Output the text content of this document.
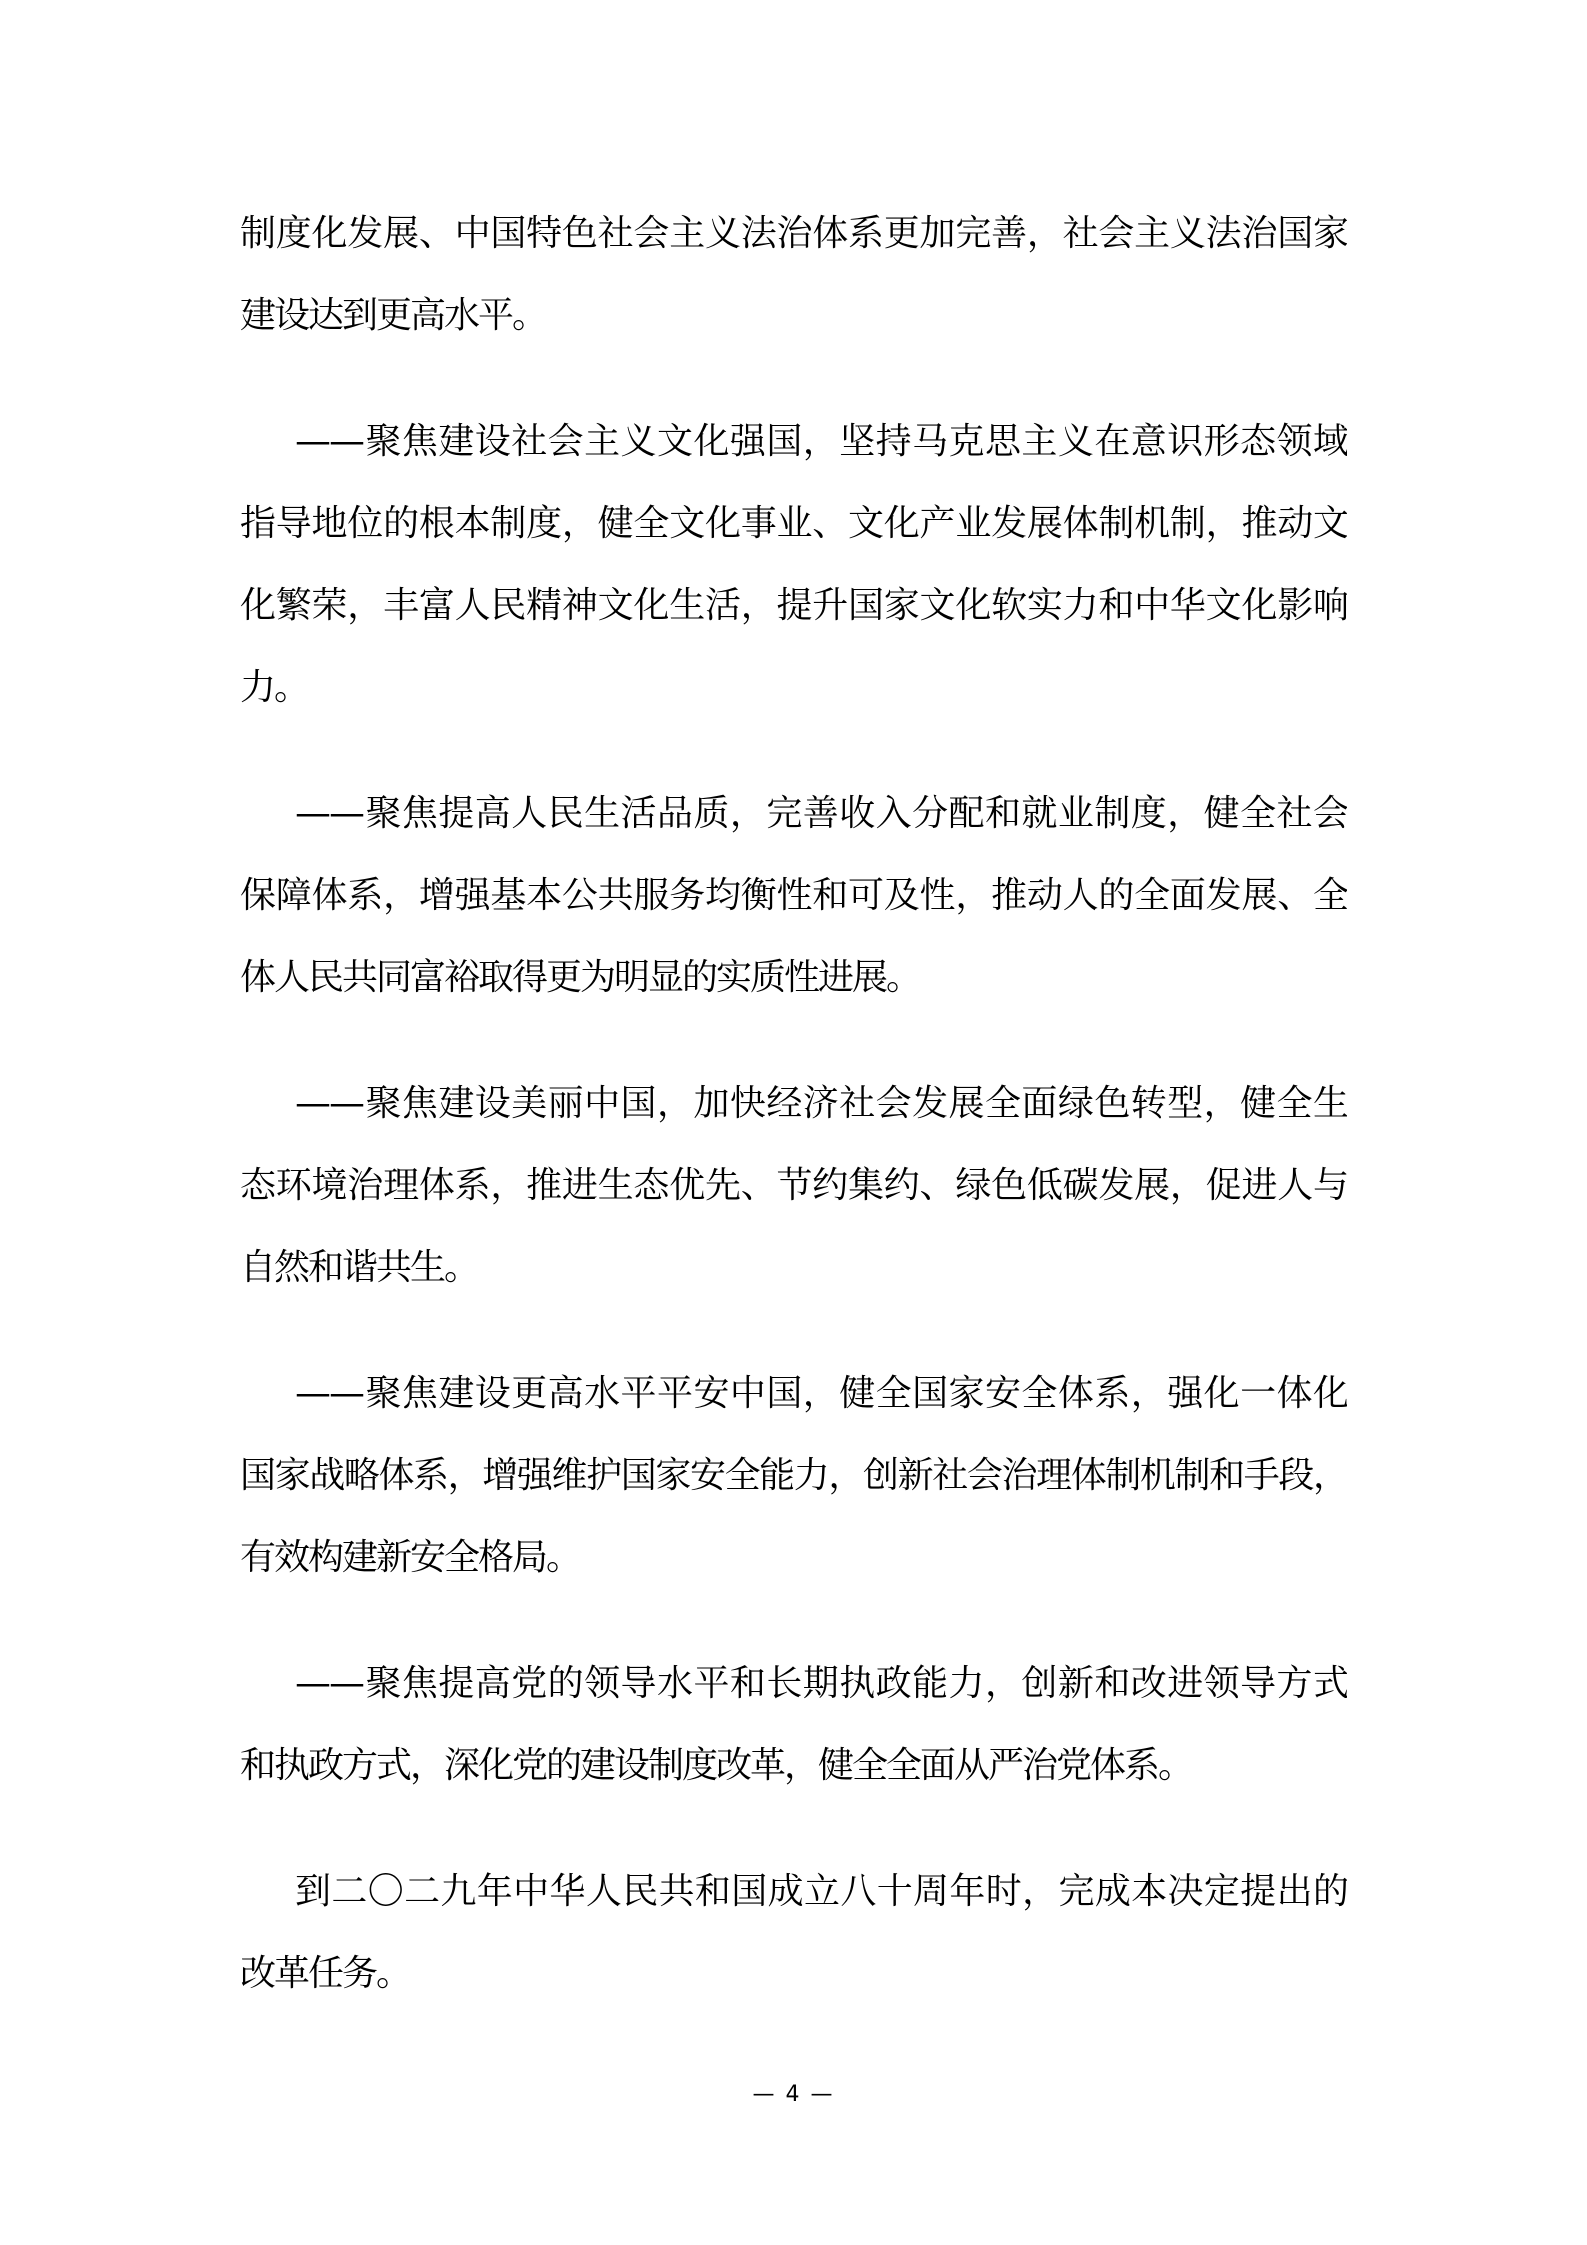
制度化发展、中国特色社会主义法治体系更加完善，社会主义法治国家
建设达到更高水平。
——聚焦建设社会主义文化强国，坚持马克思主义在意识形态领域
指导地位的根本制度，健全文化事业、文化产业发展体制机制，推动文
化繁荣，丰富人民精神文化生活，提升国家文化软实力和中华文化影响
力。
——聚焦提高人民生活品质，完善收入分配和就业制度，健全社会
保障体系，增强基本公共服务均衡性和可及性，推动人的全面发展、全
体人民共同富裕取得更为明显的实质性进展。
——聚焦建设美丽中国，加快经济社会发展全面绿色转型，健全生
态环境治理体系，推进生态优先、节约集约、绿色低碳发展，促进人与
自然和谐共生。
——聚焦建设更高水平平安中国，健全国家安全体系，强化一体化
国家战略体系，增强维护国家安全能力，创新社会治理体制机制和手段，
有效构建新安全格局。
——聚焦提高党的领导水平和长期执政能力，创新和改进领导方式
和执政方式，深化党的建设制度改革，健全全面从严治党体系。
到二〇二九年中华人民共和国成立八十周年时，完成本决定提出的
改革任务。
— 4 —
